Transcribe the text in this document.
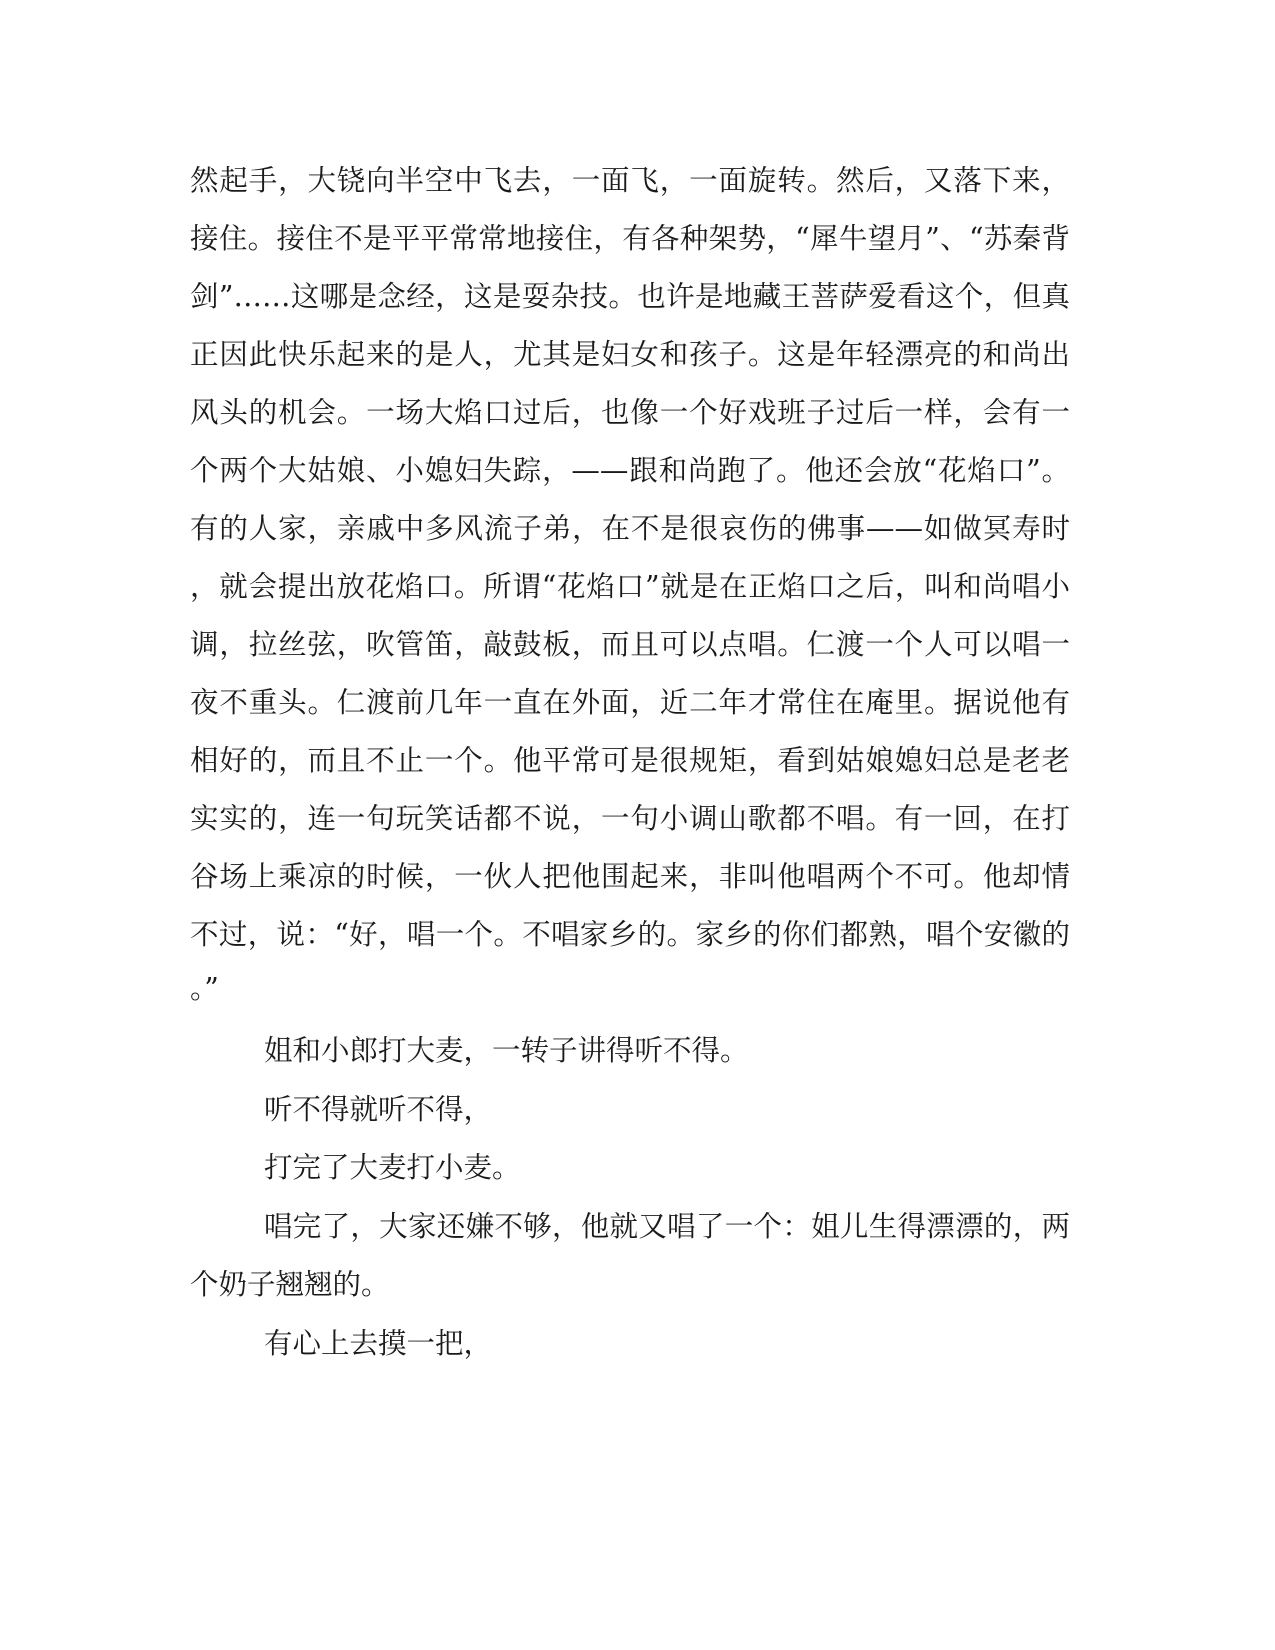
然起手，大铙向半空中飞去，一面飞，一面旋转。然后，又落下来，
接住。接住不是平平常常地接住，有各种架势，“犀牛望月”、“苏秦背
剑”……这哪是念经，这是耍杂技。也许是地藏王菩萨爱看这个，但真
正因此快乐起来的是人，尤其是妇女和孩子。这是年轻漂亮的和尚出
风头的机会。一场大焰口过后，也像一个好戏班子过后一样，会有一
个两个大姑娘、小媳妇失踪，——跟和尚跑了。他还会放“花焰口”。
有的人家，亲戚中多风流子弟，在不是很哀伤的佛事——如做冥寿时
，就会提出放花焰口。所谓“花焰口”就是在正焰口之后，叫和尚唱小
调，拉丝弦，吹管笛，敲鼓板，而且可以点唱。仁渡一个人可以唱一
夜不重头。仁渡前几年一直在外面，近二年才常住在庵里。据说他有
相好的，而且不止一个。他平常可是很规矩，看到姑娘媳妇总是老老
实实的，连一句玩笑话都不说，一句小调山歌都不唱。有一回，在打
谷场上乘凉的时候，一伙人把他围起来，非叫他唱两个不可。他却情
不过，说：“好，唱一个。不唱家乡的。家乡的你们都熟，唱个安徽的
。”
姐和小郎打大麦，一转子讲得听不得。
听不得就听不得，
打完了大麦打小麦。
唱完了，大家还嫌不够，他就又唱了一个：姐儿生得漂漂的，两
个奶子翘翘的。
有心上去摸一把，
